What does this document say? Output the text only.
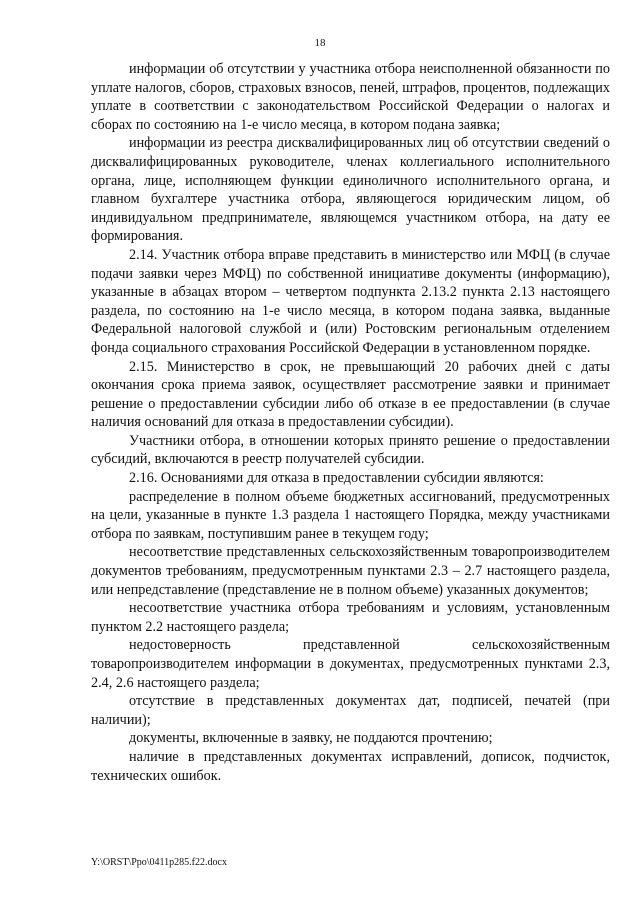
18

информации об отсутствии у участника отбора неисполненной обязанности по уплате налогов, сборов, страховых взносов, пеней, штрафов, процентов, подлежащих уплате в соответствии с законодательством Российской Федерации о налогах и сборах по состоянию на 1-е число месяца, в котором подана заявка;

информации из реестра дисквалифицированных лиц об отсутствии сведений о дисквалифицированных руководителе, членах коллегиального исполнительного органа, лице, исполняющем функции единоличного исполнительного органа, и главном бухгалтере участника отбора, являющегося юридическим лицом, об индивидуальном предпринимателе, являющемся участником отбора, на дату ее формирования.

2.14. Участник отбора вправе представить в министерство или МФЦ (в случае подачи заявки через МФЦ) по собственной инициативе документы (информацию), указанные в абзацах втором – четвертом подпункта 2.13.2 пункта 2.13 настоящего раздела, по состоянию на 1-е число месяца, в котором подана заявка, выданные Федеральной налоговой службой и (или) Ростовским региональным отделением фонда социального страхования Российской Федерации в установленном порядке.

2.15. Министерство в срок, не превышающий 20 рабочих дней с даты окончания срока приема заявок, осуществляет рассмотрение заявки и принимает решение о предоставлении субсидии либо об отказе в ее предоставлении (в случае наличия оснований для отказа в предоставлении субсидии).

Участники отбора, в отношении которых принято решение о предоставлении субсидий, включаются в реестр получателей субсидии.

2.16. Основаниями для отказа в предоставлении субсидии являются:

распределение в полном объеме бюджетных ассигнований, предусмотренных на цели, указанные в пункте 1.3 раздела 1 настоящего Порядка, между участниками отбора по заявкам, поступившим ранее в текущем году;

несоответствие представленных сельскохозяйственным товаропроизводителем документов требованиям, предусмотренным пунктами 2.3 – 2.7 настоящего раздела, или непредставление (представление не в полном объеме) указанных документов;

несоответствие участника отбора требованиям и условиям, установленным пунктом 2.2 настоящего раздела;

недостоверность представленной сельскохозяйственным товаропроизводителем информации в документах, предусмотренных пунктами 2.3, 2.4, 2.6 настоящего раздела;

отсутствие в представленных документах дат, подписей, печатей (при наличии);

документы, включенные в заявку, не поддаются прочтению;

наличие в представленных документах исправлений, дописок, подчисток, технических ошибок.

Y:\ORST\Ppo\0411p285.f22.docx
